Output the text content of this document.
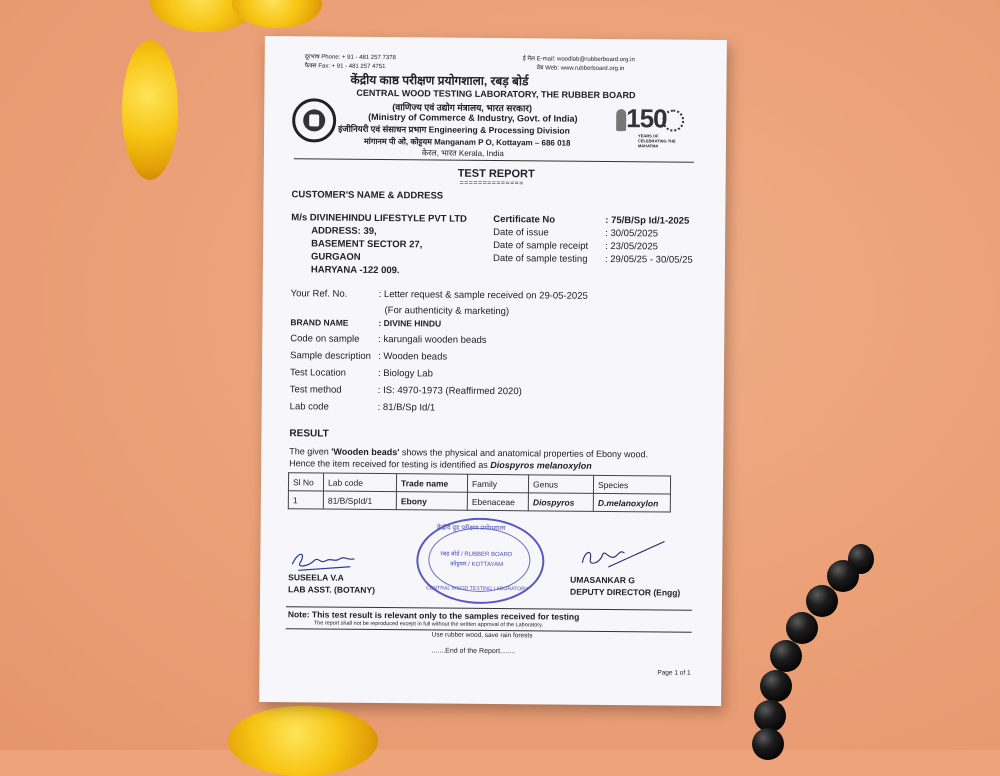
दूरभाष Phone: + 91 - 481 257 7378
फैक्स Fax: + 91 - 481 257 4751
ई मेल E-mail: woodlab@rubberboard.org.in
वेब Web: www.rubberboard.org.in
केंद्रीय काष्ठ परीक्षण प्रयोगशाला, रबड़ बोर्ड
CENTRAL WOOD TESTING LABORATORY, THE RUBBER BOARD
(वाणिज्य एवं उद्योग मंत्रालय, भारत सरकार)
(Ministry of Commerce & Industry, Govt. of India)
इंजीनियरी एवं संसाधन प्रभाग Engineering & Processing Division
मांगानम पी ओ, कोट्टयम Manganam P O, Kottayam – 686 018
केरल, भारत Kerala, India
150
YEARS OF CELEBRATING THE MAHATMA
TEST REPORT
==============
CUSTOMER'S NAME & ADDRESS
M/s DIVINEHINDU LIFESTYLE PVT LTD
ADDRESS: 39,
BASEMENT SECTOR 27,
GURGAON
HARYANA -122 009.
Certificate No	: 75/B/Sp Id/1-2025
Date of issue	: 30/05/2025
Date of sample receipt : 23/05/2025
Date of sample testing : 29/05/25 - 30/05/25
Your Ref. No.	: Letter request & sample received on 29-05-2025
(For authenticity & marketing)
BRAND NAME	: DIVINE HINDU
Code on sample : karungali wooden beads
Sample description : Wooden beads
Test Location	: Biology Lab
Test method	: IS: 4970-1973 (Reaffirmed 2020)
Lab code	: 81/B/Sp Id/1
RESULT
The given 'Wooden beads' shows the physical and anatomical properties of Ebony wood.
Hence the item received for testing is identified as Diospyros melanoxylon
Sl No	Lab code	Trade name	Family	Genus	Species
1	81/B/SpId/1	Ebony	Ebenaceae	Diospyros	D.melanoxylon
केंद्रीय वुड परीक्षण प्रयोगशाला
रबड़ बोर्ड / RUBBER BOARD
कोट्टयम / KOTTAYAM
CENTRAL WOOD TESTING LABORATORY
SUSEELA V.A
LAB ASST. (BOTANY)
UMASANKAR G
DEPUTY DIRECTOR (Engg)
Note: This test result is relevant only to the samples received for testing
The report shall not be reproduced except in full without the written approval of the Laboratory.
Use rubber wood, save rain forests
.......End of the Report........
Page 1 of 1
